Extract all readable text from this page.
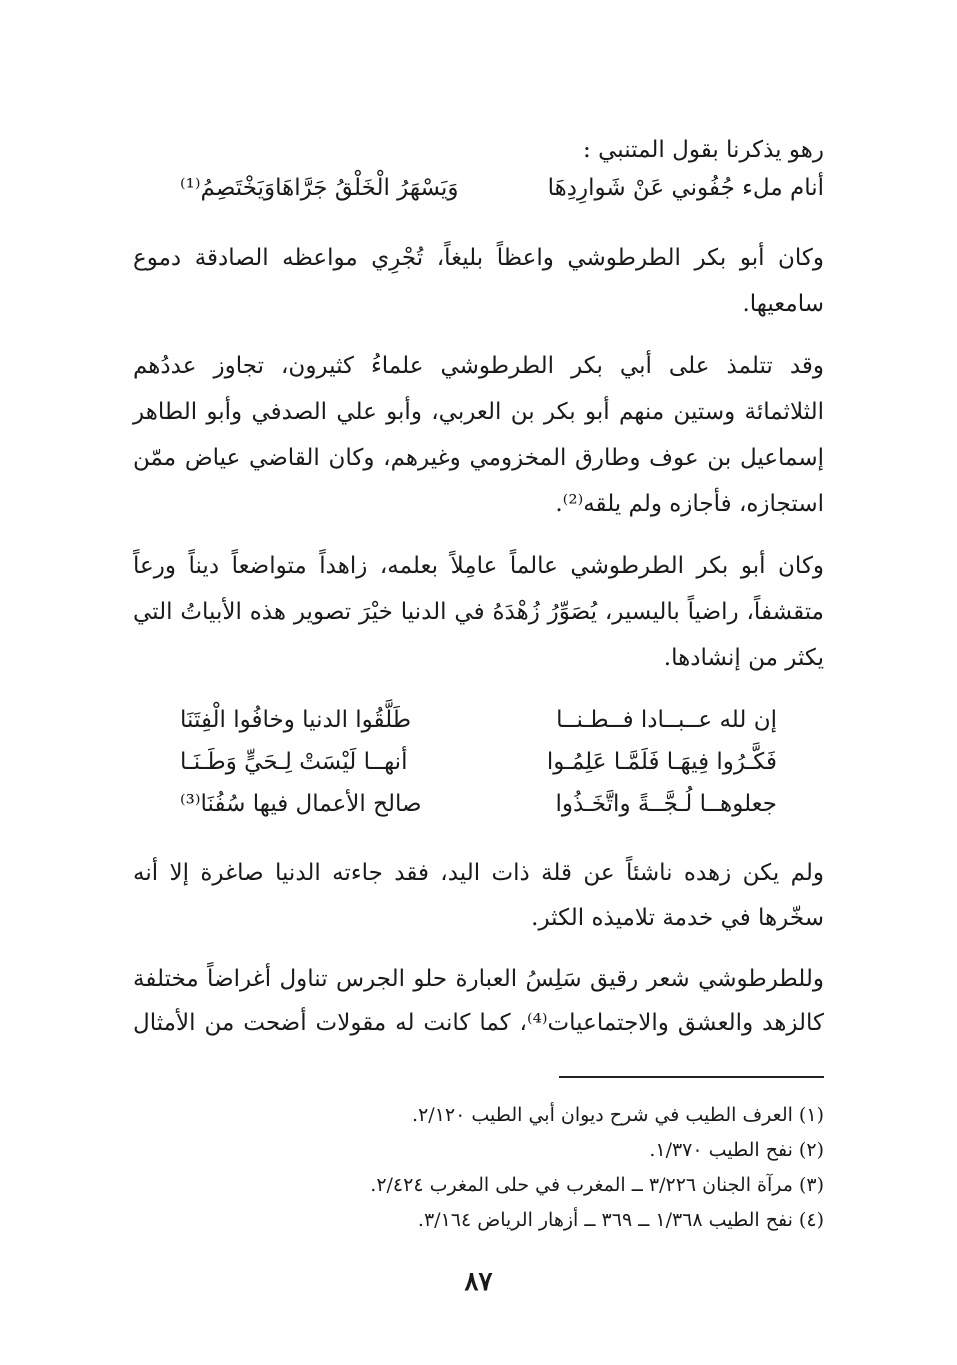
رهو يذكرنا بقول المتنبي :
أنام ملء جُفُوني عَنْ شَوارِدِهَا
وَيَسْهَرُ الْخَلْقُ جَرَّاهَاوَيَخْتَصِمُ⁽¹⁾
وكان أبو بكر الطرطوشي واعظاً بليغاً، تُجْرِي مواعظه الصادقة دموع
سامعيها.
وقد تتلمذ على أبي بكر الطرطوشي علماءُ كثيرون، تجاوز عددُهم
الثلاثمائة وستين منهم أبو بكر بن العربي، وأبو علي الصدفي وأبو الطاهر
إسماعيل بن عوف وطارق المخزومي وغيرهم، وكان القاضي عياض ممّن
استجازه، فأجازه ولم يلقه⁽²⁾.
وكان أبو بكر الطرطوشي عالماً عامِلاً بعلمه، زاهداً متواضعاً ديناً ورعاً
متقشفاً، راضياً باليسير، يُصَوِّرُ زُهْدَهُ في الدنيا خيْرَ تصوير هذه الأبياتُ التي
يكثر من إنشادها.
إن لله عــبــادا فــطـنــا
طَلَّقُوا الدنيا وخافُوا الْفِتَنَا
فَكَّـرُوا فِيهَـا فَلَمَّـا عَلِمُـوا
أنهــا لَيْسَتْ لِـحَيٍّ وَطَـنَـا
جعلوهــا لُـجَّــةً واتَّخَـذُوا
صالح الأعمال فيها سُفُنَا⁽³⁾
ولم يكن زهده ناشئاً عن قلة ذات اليد، فقد جاءته الدنيا صاغرة إلا أنه
سخّرها في خدمة تلاميذه الكثر.
وللطرطوشي شعر رقيق سَلِسُ العبارة حلو الجرس تناول أغراضاً مختلفة
كالزهد والعشق والاجتماعيات⁽⁴⁾، كما كانت له مقولات أضحت من الأمثال
(١) العرف الطيب في شرح ديوان أبي الطيب ٢/١٢٠.
(٢) نفح الطيب ١/٣٧٠.
(٣) مرآة الجنان ٣/٢٢٦ ــ المغرب في حلى المغرب ٢/٤٢٤.
(٤) نفح الطيب ١/٣٦٨ ــ ٣٦٩ ــ أزهار الرياض ٣/١٦٤.
٨٧
